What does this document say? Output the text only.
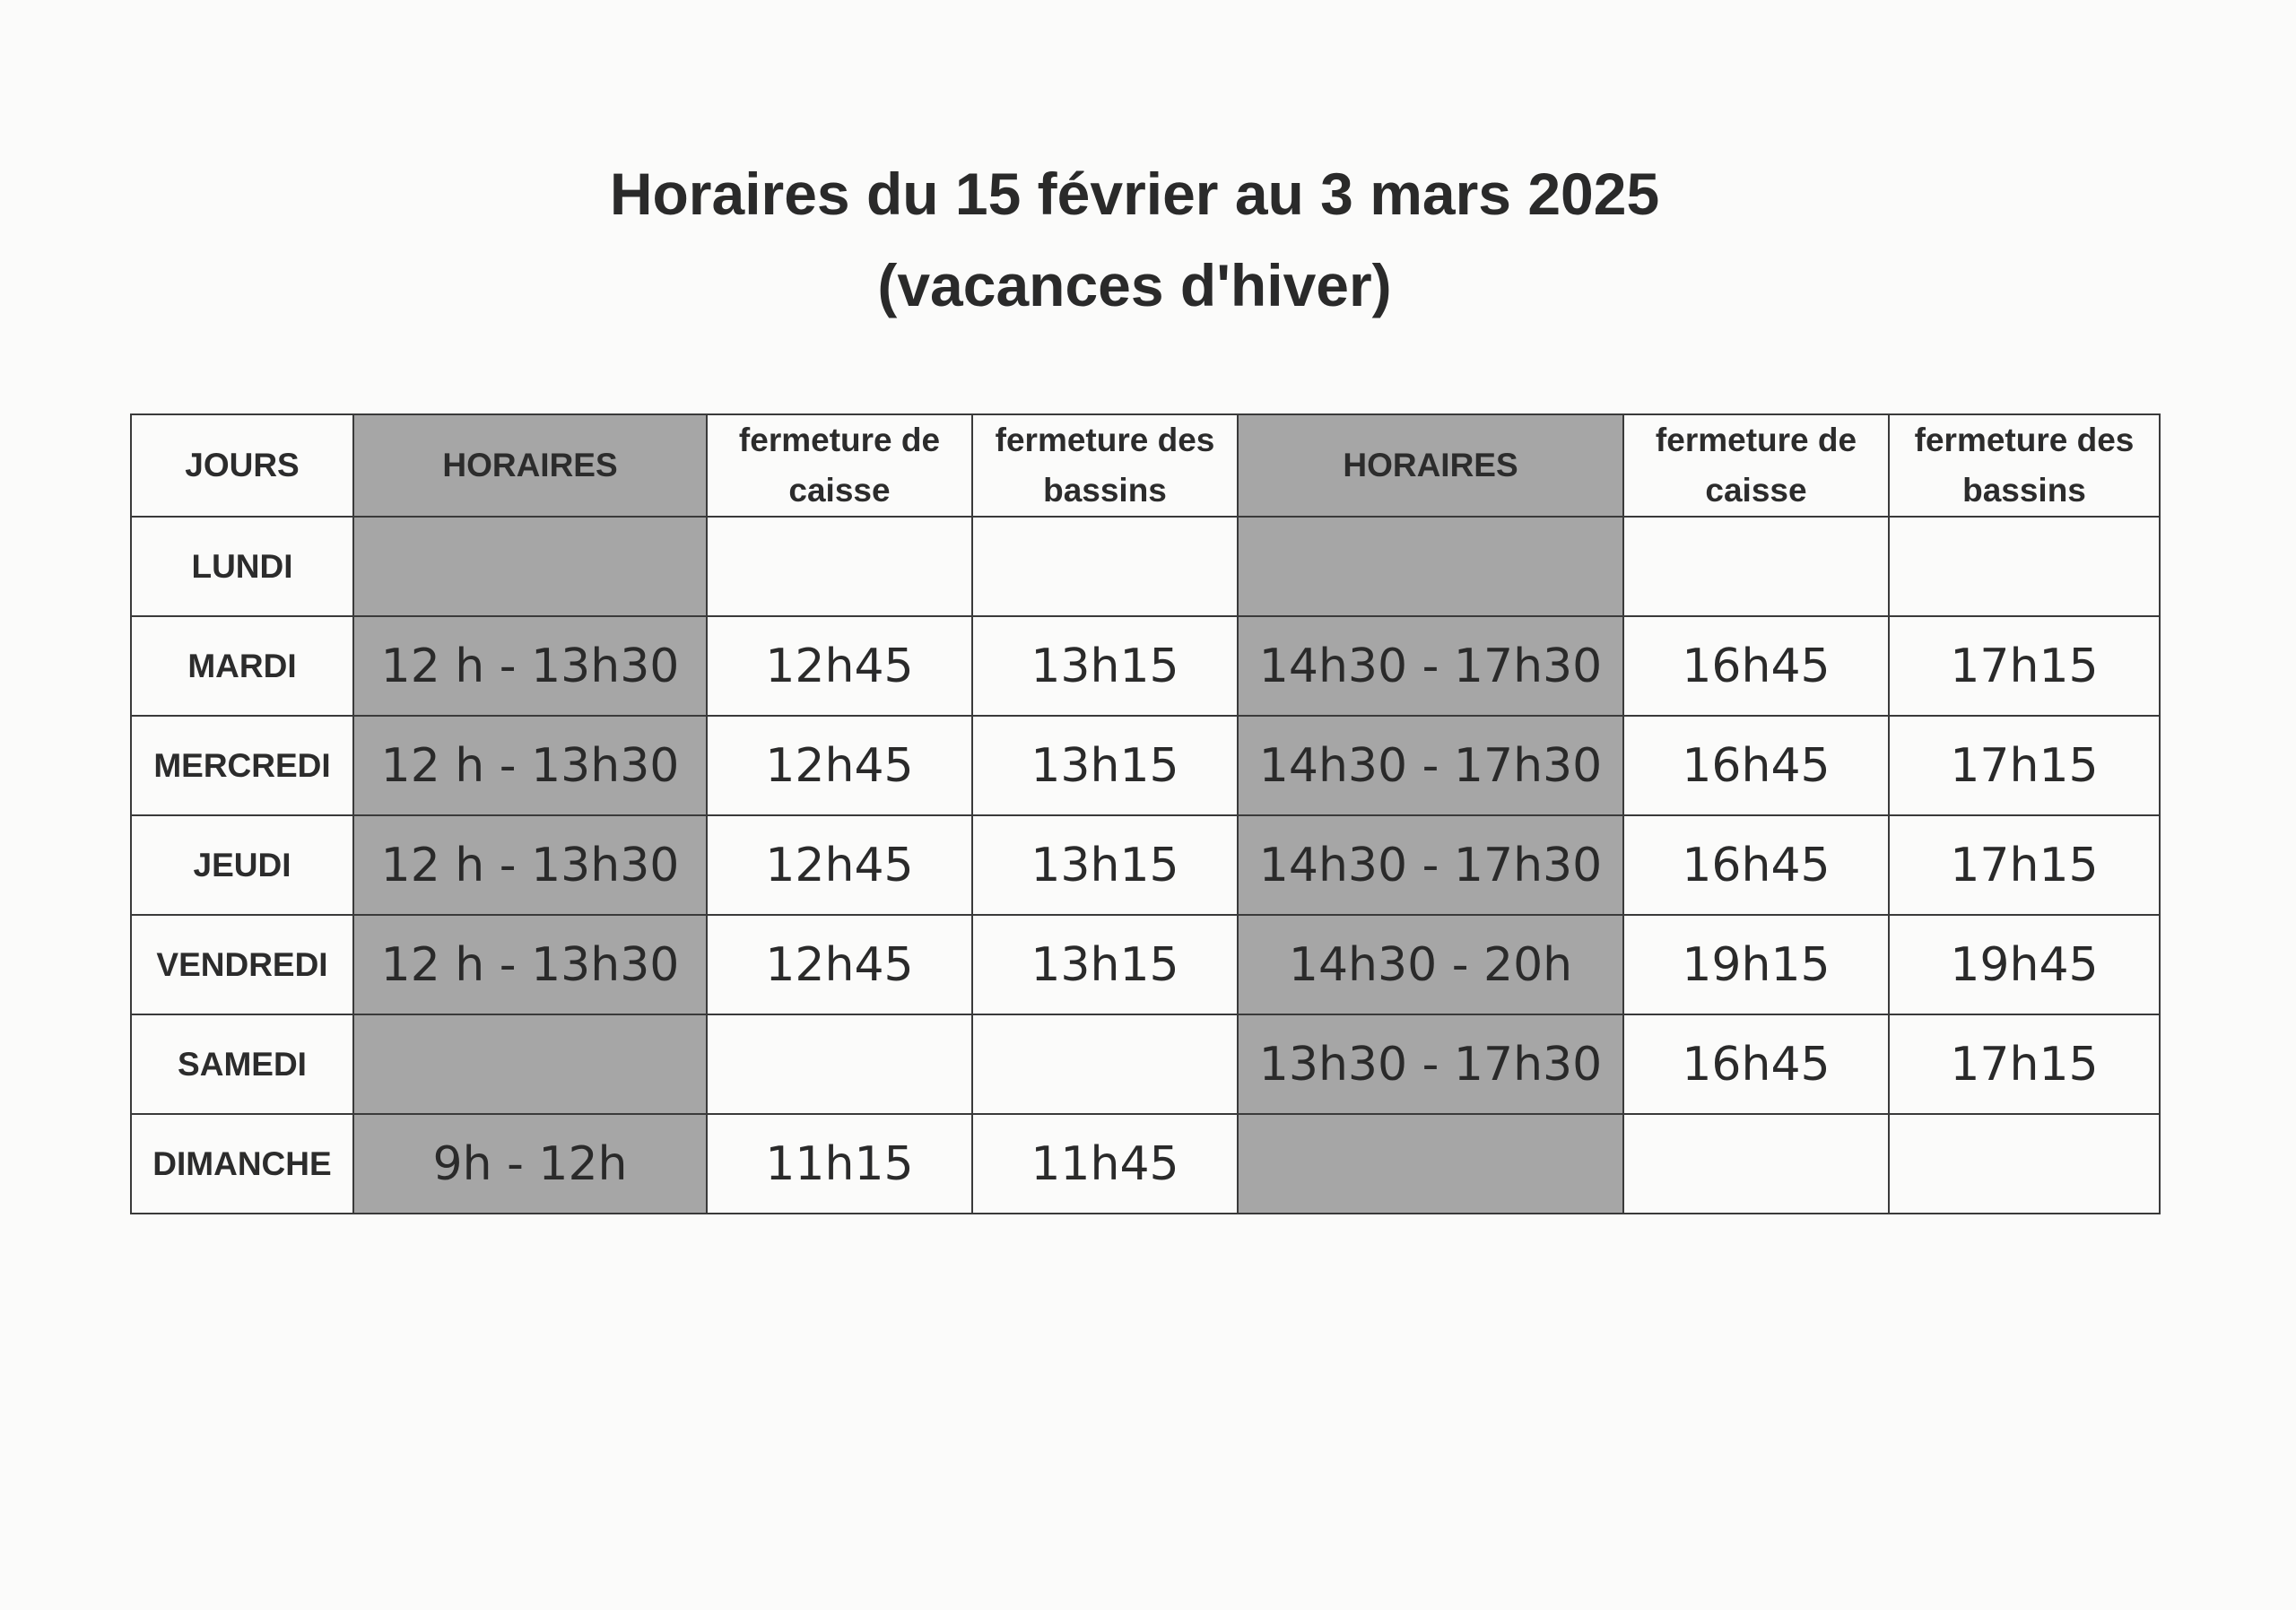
Horaires du 15 février au 3 mars 2025
(vacances d'hiver)
JOURS	HORAIRES	fermeture de caisse	fermeture des bassins	HORAIRES	fermeture de caisse	fermeture des bassins
LUNDI						
MARDI	12 h - 13h30	12h45	13h15	14h30 - 17h30	16h45	17h15
MERCREDI	12 h - 13h30	12h45	13h15	14h30 - 17h30	16h45	17h15
JEUDI	12 h - 13h30	12h45	13h15	14h30 - 17h30	16h45	17h15
VENDREDI	12 h - 13h30	12h45	13h15	14h30 - 20h	19h15	19h45
SAMEDI				13h30 - 17h30	16h45	17h15
DIMANCHE	9h - 12h	11h15	11h45			
